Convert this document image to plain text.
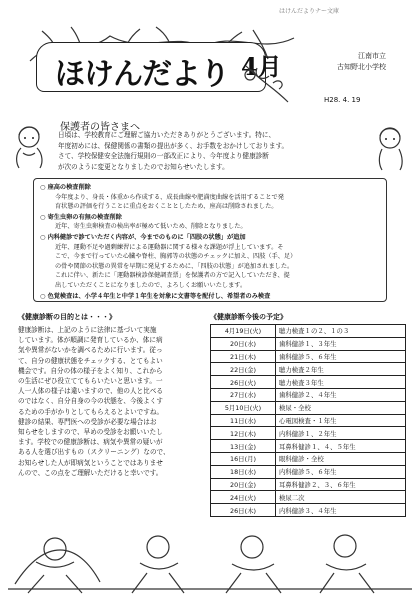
はけんだよりナー文庫
ほけんだより 4月	江南市立
古知野北小学校
H28. 4. 19
保護者の皆さまへ
日頃は、学校教育にご理解ご協力いただきありがとうございます。特に、
年度初めには、保健関係の書類の提出が多く、お手数をおかけしております。
さて、学校保健安全法施行規則の一部改正により、今年度より健康診断
が次のように変更となりましたのでお知らせいたします。
○ 座高の検査削除
今年度より、身長・体重から作成する、成長曲線や肥満度曲線を活用することで発
育状態の評価を行うことに重点をおくこととしたため、座高は削除されました。
○ 寄生虫卵の有無の検査削除
近年、寄生虫卵検査の検出率が極めて低いため、削除となりました。
○ 内科健診で診ていただく内容が、今までのものに「四肢の状態」が追加
近年、運動不足や過剰練習による運動器に関する様々な課題が浮上しています。そ
こで、今まで行っていた心臓や脊柱、胸郭等の状態のチェックに加え、四肢（手、足）
の骨や関節の状態の異常を早期に発見するために、「四肢の状態」が追加されました。
これに伴い、新たに「運動器検診保健調査票」を保護者の方で記入していただき、提
出していただくことになりましたので、よろしくお願いいたします。
○ 色覚検査は、小学４年生と中学１年生を対象に文書等を配付し、希望者のみ検査
《健康診断の目的とは・・・》
健康診断は、上記のように法律に基づいて実施
しています。体が順調に発育しているか、体に病
気や異常がないかを調べるために行います。従っ
て、自分の健康状態をチェックする、とてもよい
機会です。自分の体の様子をよく知り、これから
の生活にぜひ役立ててもらいたいと思います。一
人一人体の様子は違いますので、他の人と比べる
のではなく、自分自身の今の状態を、今後よくす
るための手がかりとしてもらえるとよいですね。
健診の結果、専門医への受診が必要な場合はお
知らせをしますので、早めの受診をお願いいたし
ます。学校での健康診断は、病気や異常の疑いが
ある人を選び出すもの（スクリーニング）なので、
お知らせした人が即病気ということではありませ
んので、この点をご理解いただけると幸いです。
《健康診断今後の予定》
4月19日(火)	聴力検査１の２、１の３
20日(水)	歯科健診１、３年生
21日(木)	歯科健診５、６年生
22日(金)	聴力検査２年生
26日(火)	聴力検査３年生
27日(水)	歯科健診２、４年生
5月10日(火)	検尿・全校
11日(水)	心電図検査・１年生
12日(木)	内科健診１、２年生
13日(金)	耳鼻科健診１、４、５年生
16日(月)	眼科健診・全校
18日(水)	内科健診５、６年生
20日(金)	耳鼻科健診２、３、６年生
24日(火)	検尿二次
26日(木)	内科健診３、４年生
